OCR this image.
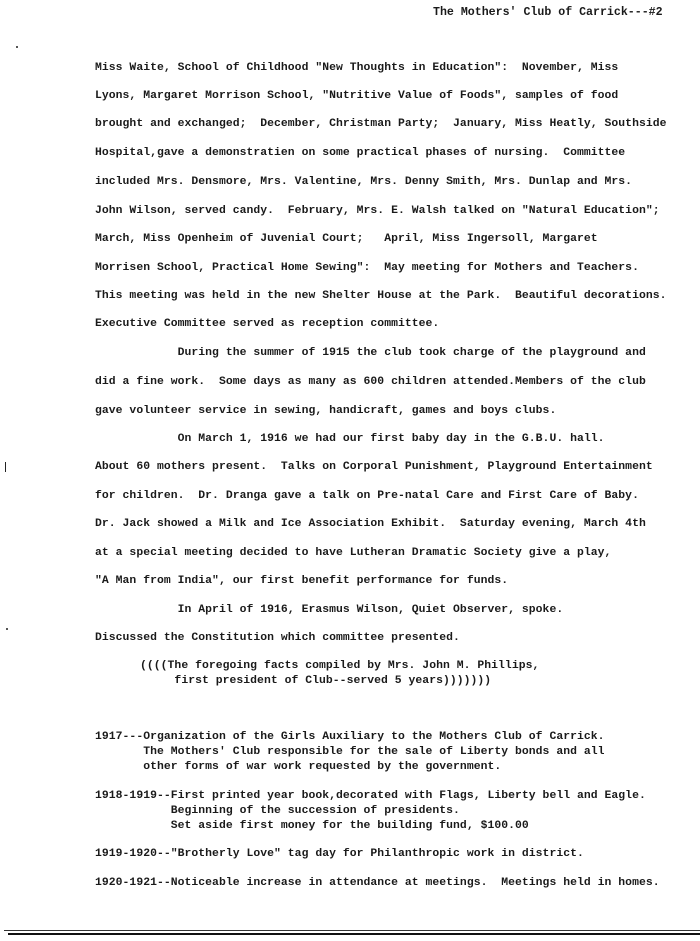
The Mothers' Club of Carrick---#2
Miss Waite, School of Childhood "New Thoughts in Education":  November, Miss
Lyons, Margaret Morrison School, "Nutritive Value of Foods", samples of food
brought and exchanged;  December, Christman Party;  January, Miss Heatly, Southside
Hospital,gave a demonstratien on some practical phases of nursing.  Committee
included Mrs. Densmore, Mrs. Valentine, Mrs. Denny Smith, Mrs. Dunlap and Mrs.
John Wilson, served candy.  February, Mrs. E. Walsh talked on "Natural Education";
March, Miss Openheim of Juvenial Court;   April, Miss Ingersoll, Margaret
Morrisen School, Practical Home Sewing":  May meeting for Mothers and Teachers.
This meeting was held in the new Shelter House at the Park.  Beautiful decorations.
Executive Committee served as reception committee.
During the summer of 1915 the club took charge of the playground and
did a fine work.  Some days as many as 600 children attended.Members of the club
gave volunteer service in sewing, handicraft, games and boys clubs.
On March 1, 1916 we had our first baby day in the G.B.U. hall.
About 60 mothers present.  Talks on Corporal Punishment, Playground Entertainment
for children.  Dr. Dranga gave a talk on Pre-natal Care and First Care of Baby.
Dr. Jack showed a Milk and Ice Association Exhibit.  Saturday evening, March 4th
at a special meeting decided to have Lutheran Dramatic Society give a play,
"A Man from India", our first benefit performance for funds.
In April of 1916, Erasmus Wilson, Quiet Observer, spoke.
Discussed the Constitution which committee presented.
((((The foregoing facts compiled by Mrs. John M. Phillips,
first president of Club--served 5 years)))))))
1917---Organization of the Girls Auxiliary to the Mothers Club of Carrick.
The Mothers' Club responsible for the sale of Liberty bonds and all
other forms of war work requested by the government.
1918-1919--First printed year book,decorated with Flags, Liberty bell and Eagle.
Beginning of the succession of presidents.
Set aside first money for the building fund, $100.00
1919-1920--"Brotherly Love" tag day for Philanthropic work in district.
1920-1921--Noticeable increase in attendance at meetings.  Meetings held in homes.
